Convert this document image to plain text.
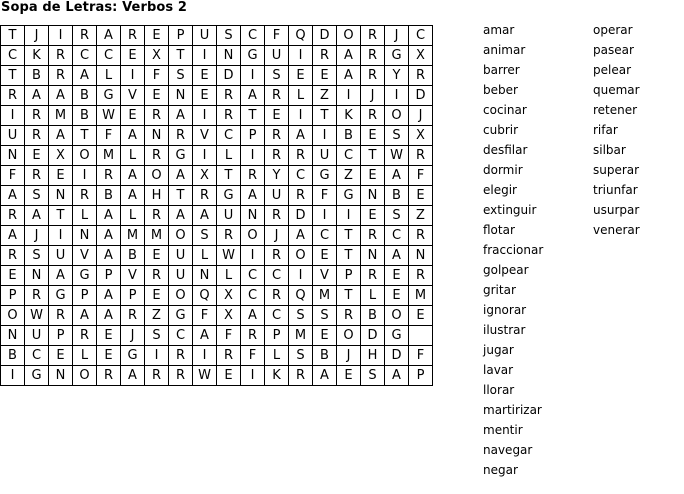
Sopa de Letras: Verbos 2
T	J	I	R	A	R	E	P	U	S	C	F	Q	D	O	R	J	C
C	K	R	C	C	E	X	T	I	N	G	U	I	R	A	R	G	X
T	B	R	A	L	I	F	S	E	D	I	S	E	E	A	R	Y	R
R	A	A	B	G	V	E	N	E	R	A	R	L	Z	I	J	I	D
I	R	M	B	W	E	R	A	I	R	T	E	I	T	K	R	O	J
U	R	A	T	F	A	N	R	V	C	P	R	A	I	B	E	S	X
N	E	X	O	M	L	R	G	I	L	I	R	R	U	C	T	W	R
F	R	E	I	R	A	O	A	X	T	R	Y	C	G	Z	E	A	F
A	S	N	R	B	A	H	T	R	G	A	U	R	F	G	N	B	E
R	A	T	L	A	L	R	A	A	U	N	R	D	I	I	E	S	Z
A	J	I	N	A	M	M	O	S	R	O	J	A	C	T	R	C	R
R	S	U	V	A	B	E	U	L	W	I	R	O	E	T	N	A	N
E	N	A	G	P	V	R	U	N	L	C	C	I	V	P	R	E	R
P	R	G	P	A	P	E	O	Q	X	C	R	Q	M	T	L	E	M
O	W	R	A	A	R	Z	G	F	X	A	C	S	S	R	B	O	E
N	U	P	R	E	J	S	C	A	F	R	P	M	E	O	D	G	
B	C	E	L	E	G	I	R	I	R	F	L	S	B	J	H	D	F
I	G	N	O	R	A	R	R	W	E	I	K	R	A	E	S	A	P
amar
animar
barrer
beber
cocinar
cubrir
desfilar
dormir
elegir
extinguir
flotar
fraccionar
golpear
gritar
ignorar
ilustrar
jugar
lavar
llorar
martirizar
mentir
navegar
negar
operar
pasear
pelear
quemar
retener
rifar
silbar
superar
triunfar
usurpar
venerar
